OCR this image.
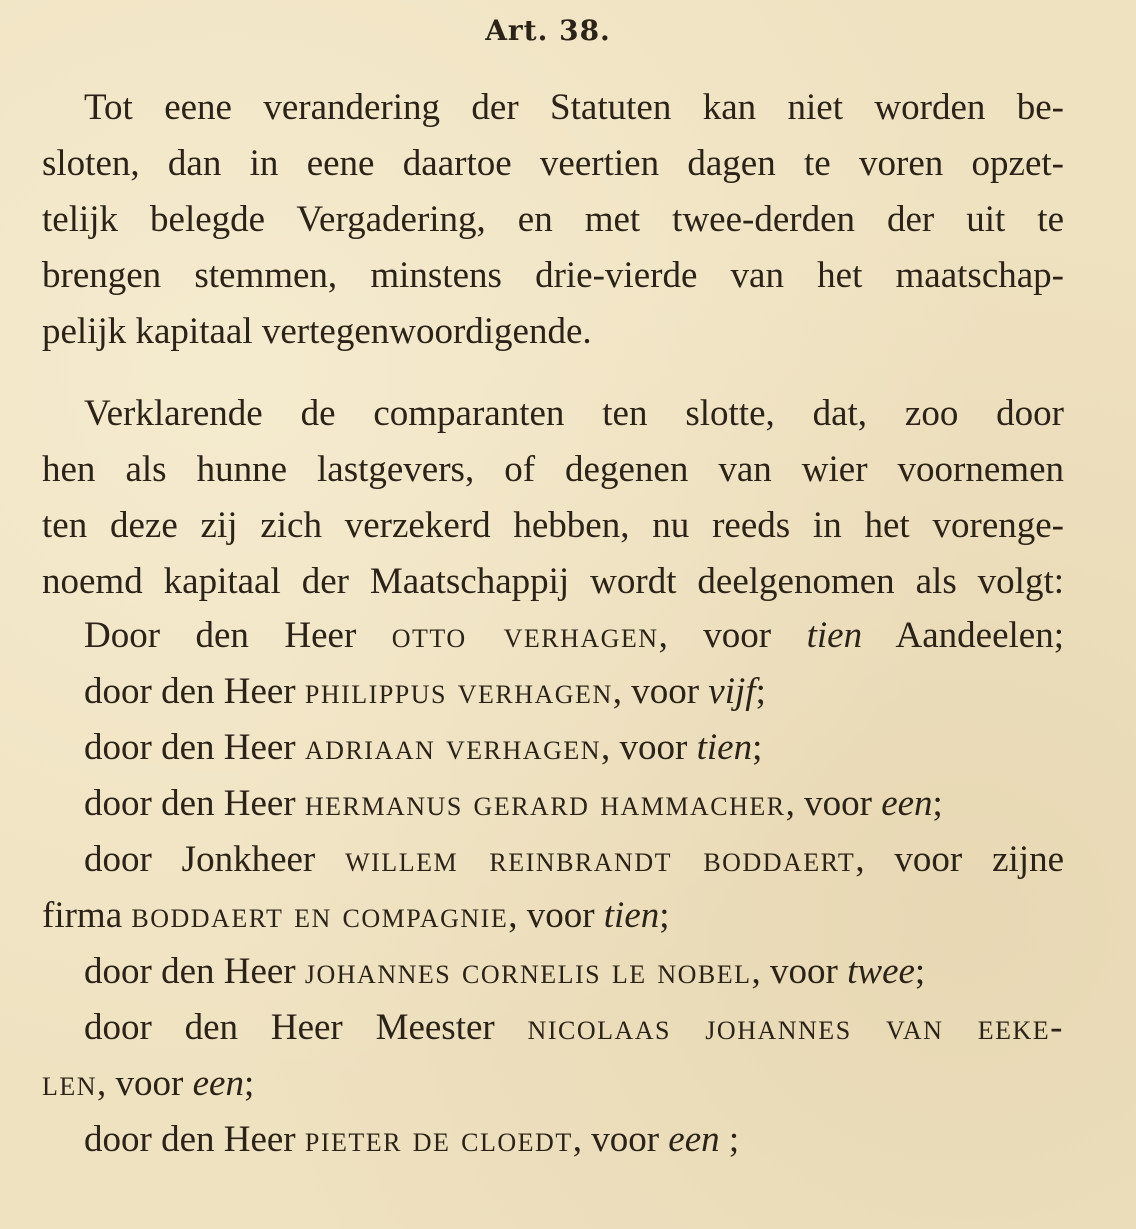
Art. 38.
Tot eene verandering der Statuten kan niet worden be-
sloten, dan in eene daartoe veertien dagen te voren opzet-
telijk belegde Vergadering, en met twee-derden der uit te
brengen stemmen, minstens drie-vierde van het maatschap-
pelijk kapitaal vertegenwoordigende.
Verklarende de comparanten ten slotte, dat, zoo door
hen als hunne lastgevers, of degenen van wier voornemen
ten deze zij zich verzekerd hebben, nu reeds in het vorenge-
noemd kapitaal der Maatschappij wordt deelgenomen als volgt:
Door den Heer otto verhagen, voor tien Aandeelen;
door den Heer philippus verhagen, voor vijf;
door den Heer adriaan verhagen, voor tien;
door den Heer hermanus gerard hammacher, voor een;
door Jonkheer willem reinbrandt boddaert, voor zijne
firma boddaert en compagnie, voor tien;
door den Heer johannes cornelis le nobel, voor twee;
door den Heer Meester nicolaas johannes van eeke-
len, voor een;
door den Heer pieter de cloedt, voor een ;
